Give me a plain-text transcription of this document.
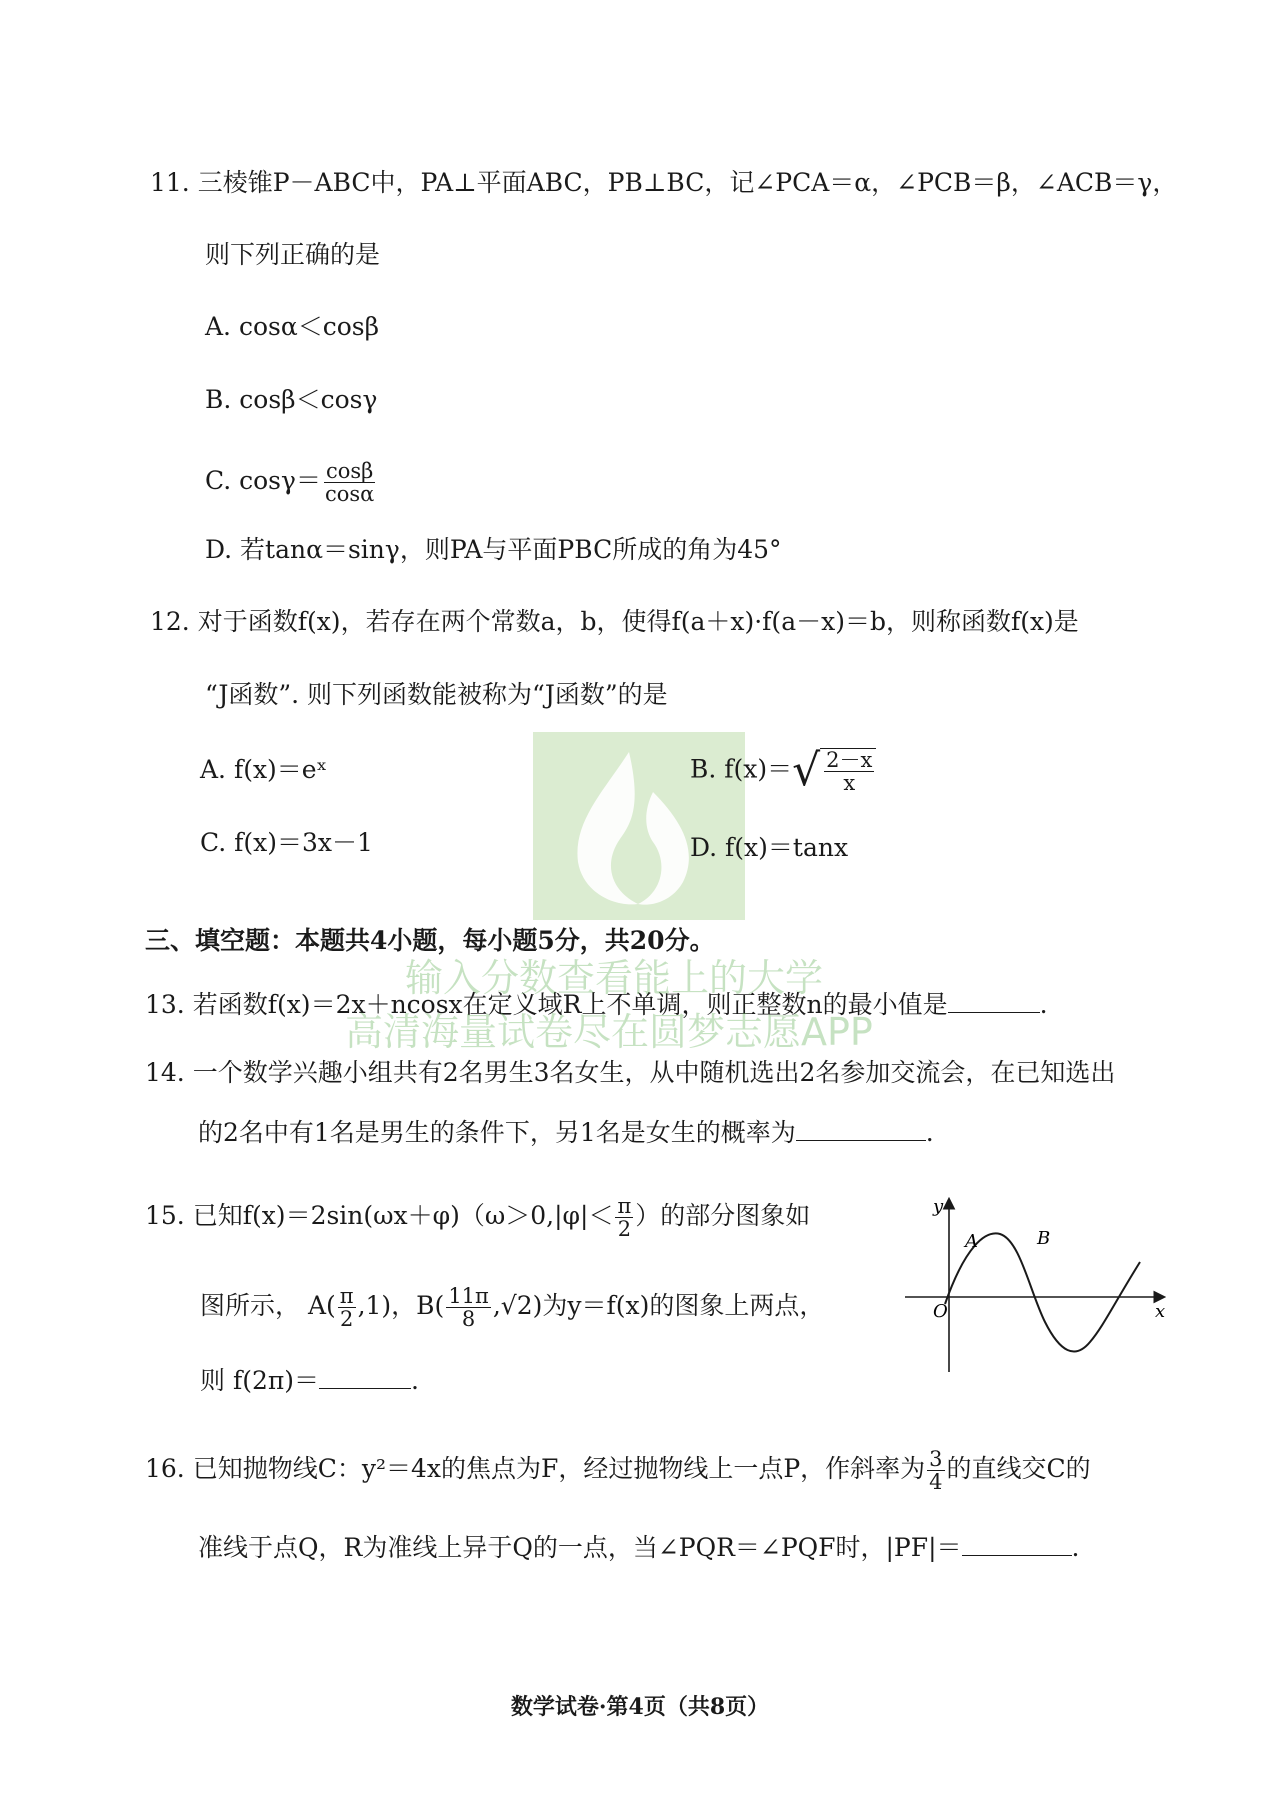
11. 三棱锥P－ABC中，PA⊥平面ABC，PB⊥BC，记∠PCA＝α，∠PCB＝β，∠ACB＝γ，
则下列正确的是
A. cosα＜cosβ
B. cosβ＜cosγ
C. $\cos\gamma= \frac{\cos\beta}{\cos\alpha}$
D. 若tanα＝sinγ，则PA与平面PBC所成的角为45°
12. 对于函数f(x)，若存在两个常数a，b，使得f(a＋x)·f(a－x)＝b，则称函数f(x)是
“J函数”. 则下列函数能被称为“J函数”的是
A. f(x)＝eˣ	B. f(x)＝ √ $\frac{2-x}{x}$
C. f(x)＝3x－1	D. f(x)＝tanx
三、填空题：本题共4小题，每小题5分，共20分。
13. 若函数f(x)＝2x＋ncosx在定义域R上不单调，则正整数n的最小值是	.
14. 一个数学兴趣小组共有2名男生3名女生，从中随机选出2名参加交流会，在已知选出
的2名中有1名是男生的条件下，另1名是女生的概率为	.
15. 已知$f(x)=2\sin(\omega x+\varphi)(\omega>0,|\varphi|< \frac{\pi}{2}$ ）的部分图象如
图所示， $A( \frac{\pi}{2} ,1)$，$B( \frac{11\pi}{8} ,√2)$为y＝f(x)的图象上两点，
则 f(2π)＝	.
y
x
O
A	B
16. 已知抛物线C：y²＝4x的焦点为F，经过抛物线上一点P，作斜率为 $\frac{3}{4}$ 的直线交C的
准线于点Q，R为准线上异于Q的一点，当∠PQR＝∠PQF时，|PF|＝	.
输入分数查看能上的大学
高清海量试卷尽在圆梦志愿APP
数学试卷·第4页（共8页）
